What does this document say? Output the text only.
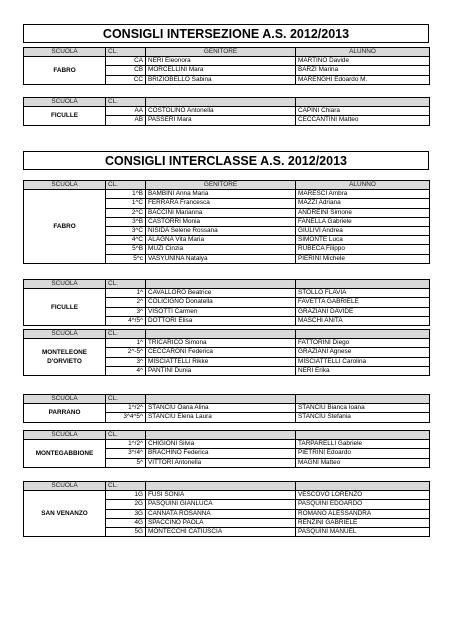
CONSIGLI INTERSEZIONE A.S. 2012/2013
CONSIGLI INTERCLASSE A.S. 2012/2013
SCUOLA	CL.	GENITORE	ALUNNO
FABRO	CA	NERI Eleonora	MARTINO Davide
	CB	MORCELLINI Mara	BARZI Marina
	CC	BRIZIOBELLO Sabina	MARENGHI Edoardo M.
SCUOLA	CL.		
FICULLE	AA	COSTOLINO Antonella	CAPINI Chiara
	AB	PASSERI Mara	CECCANTINI Matteo
SCUOLA	CL.	GENITORE	ALUNNO
FABRO	1^B	BAMBINI Anna Maria	MARESCI Ambra
	1^C	FERRARA Francesca	MAZZI Adriana
	2^C	BACCINI Marianna	ANDREINI Simone
	3^B	CASTORRI Monia	FANELLA Gabriele
	3^C	NISIDA Selene Rossana	GIULIVI Andrea
	4^C	ALAGNA Vita Maria	SIMONTE Luca
	5^B	MUZI Cinzia	RUBECA Filippo
	5^c	VASYUNINA Natalya	PIERINI Michele
SCUOLA	CL.		
FICULLE	1^	CAVALLORO Beatrice	STOLLO FLAVIA
	2^	COLICIGNO Donatella	FAVETTA GABRIELE
	3^	VISOTTI Carmen	GRAZIANI DAVIDE
	4^/5^	DOTTORI Elisa	MASCHI ANITA
SCUOLA	CL.		
MONTELEONE
D'ORVIETO	1^	TRICARICO Simona	FATTORINI Diego
	2^-5^	CECCARONI Federica	GRAZIANI Agnese
	3^	MISCIATTELLI Rikke	MISCIATTELLI Carolina
	4^	PANTINI Dunia	NERI Erika
SCUOLA	CL.		
PARRANO	1^/2^	STANCIU Oana Alina	STANCIU Bianca Ioana
	3^4^5^	STANCIU Elena Laura	STANCIU Stefania
SCUOLA	CL.		
MONTEGABBIONE	1^/2^	CHIGIONI Silvia	TARPARELLI Gabriele
	3^/4^	BRACHINO Federica	PIETRINI Edoardo
	5^	VITTORI Antonella	MAGNI Matteo
SCUOLA	CL.		
SAN VENANZO	1G	FUSI SONIA	VESCOVO LORENZO
	2G	PASQUINI GIANLUCA	PASQUINI EDOARDO
	3G	CANNATA ROSANNA	ROMANO ALESSANDRA
	4G	SPACCINO PAOLA	RENZINI GABRIELE
	5G	MONTECCHI CATIUSCIA	PASQUINI MANUEL
